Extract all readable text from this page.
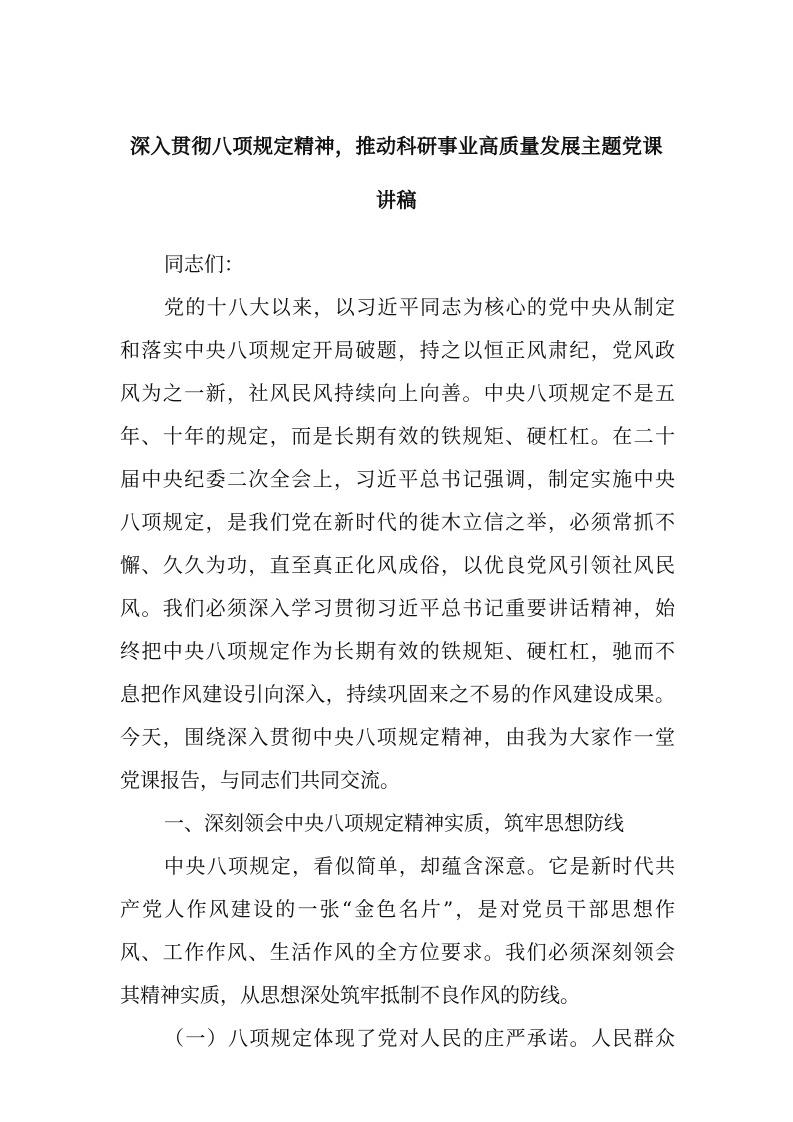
深入贯彻八项规定精神，推动科研事业高质量发展主题党课
讲稿
同志们：
党的十八大以来，以习近平同志为核心的党中央从制定
和落实中央八项规定开局破题，持之以恒正风肃纪，党风政
风为之一新，社风民风持续向上向善。中央八项规定不是五
年、十年的规定，而是长期有效的铁规矩、硬杠杠。在二十
届中央纪委二次全会上，习近平总书记强调，制定实施中央
八项规定，是我们党在新时代的徙木立信之举，必须常抓不
懈、久久为功，直至真正化风成俗，以优良党风引领社风民
风。我们必须深入学习贯彻习近平总书记重要讲话精神，始
终把中央八项规定作为长期有效的铁规矩、硬杠杠，驰而不
息把作风建设引向深入，持续巩固来之不易的作风建设成果。
今天，围绕深入贯彻中央八项规定精神，由我为大家作一堂
党课报告，与同志们共同交流。
一、深刻领会中央八项规定精神实质，筑牢思想防线
中央八项规定，看似简单，却蕴含深意。它是新时代共
产党人作风建设的一张“金色名片”，是对党员干部思想作
风、工作作风、生活作风的全方位要求。我们必须深刻领会
其精神实质，从思想深处筑牢抵制不良作风的防线。
（一）八项规定体现了党对人民的庄严承诺。人民群众
